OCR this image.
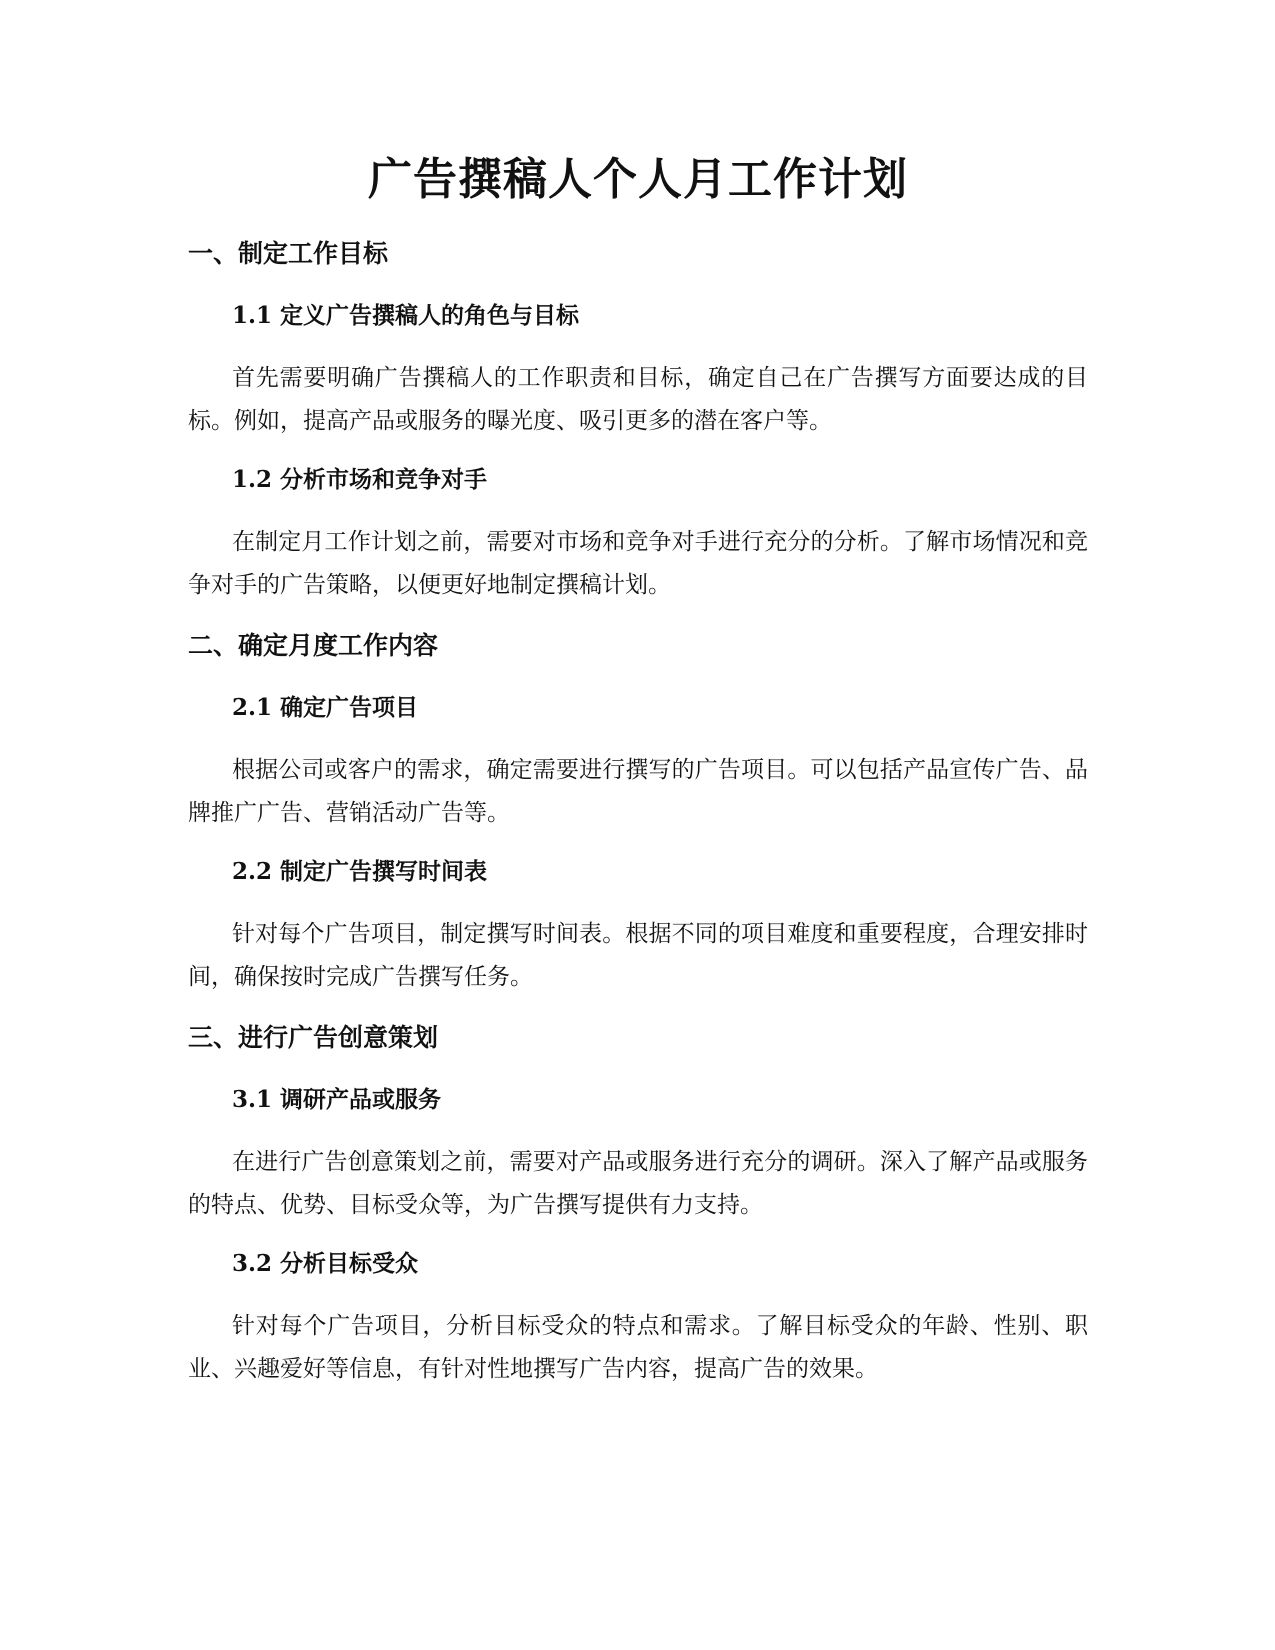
广告撰稿人个人月工作计划
一、制定工作目标
1.1 定义广告撰稿人的角色与目标

首先需要明确广告撰稿人的工作职责和目标，确定自己在广告撰写方面要达成的目标。例如，提高产品或服务的曝光度、吸引更多的潜在客户等。

1.2 分析市场和竞争对手

在制定月工作计划之前，需要对市场和竞争对手进行充分的分析。了解市场情况和竞争对手的广告策略，以便更好地制定撰稿计划。

二、确定月度工作内容
2.1 确定广告项目

根据公司或客户的需求，确定需要进行撰写的广告项目。可以包括产品宣传广告、品牌推广广告、营销活动广告等。

2.2 制定广告撰写时间表

针对每个广告项目，制定撰写时间表。根据不同的项目难度和重要程度，合理安排时间，确保按时完成广告撰写任务。

三、进行广告创意策划
3.1 调研产品或服务

在进行广告创意策划之前，需要对产品或服务进行充分的调研。深入了解产品或服务的特点、优势、目标受众等，为广告撰写提供有力支持。

3.2 分析目标受众

针对每个广告项目，分析目标受众的特点和需求。了解目标受众的年龄、性别、职业、兴趣爱好等信息，有针对性地撰写广告内容，提高广告的效果。
